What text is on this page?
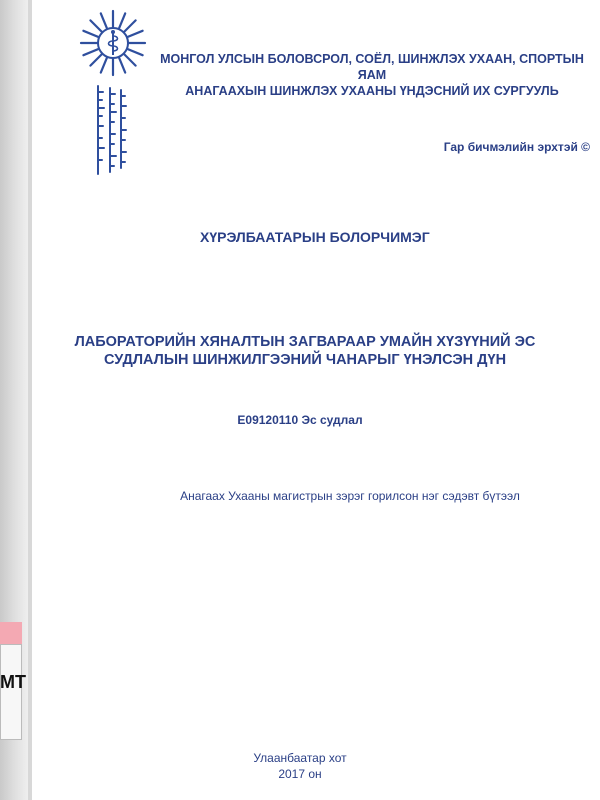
МТ
МОНГОЛ УЛСЫН БОЛОВСРОЛ, СОЁЛ, ШИНЖЛЭХ УХААН, СПОРТЫН ЯАМ
АНАГААХЫН ШИНЖЛЭХ УХААНЫ ҮНДЭСНИЙ ИХ СУРГУУЛЬ
Гар бичмэлийн эрхтэй ©
ХҮРЭЛБААТАРЫН БОЛОРЧИМЭГ
ЛАБОРАТОРИЙН ХЯНАЛТЫН ЗАГВАРААР УМАЙН ХҮЗҮҮНИЙ ЭС
СУДЛАЛЫН ШИНЖИЛГЭЭНИЙ ЧАНАРЫГ ҮНЭЛСЭН ДҮН
E09120110 Эс судлал
Анагаах Ухааны магистрын зэрэг горилсон нэг сэдэвт бүтээл
Улаанбаатар хот
2017 он
